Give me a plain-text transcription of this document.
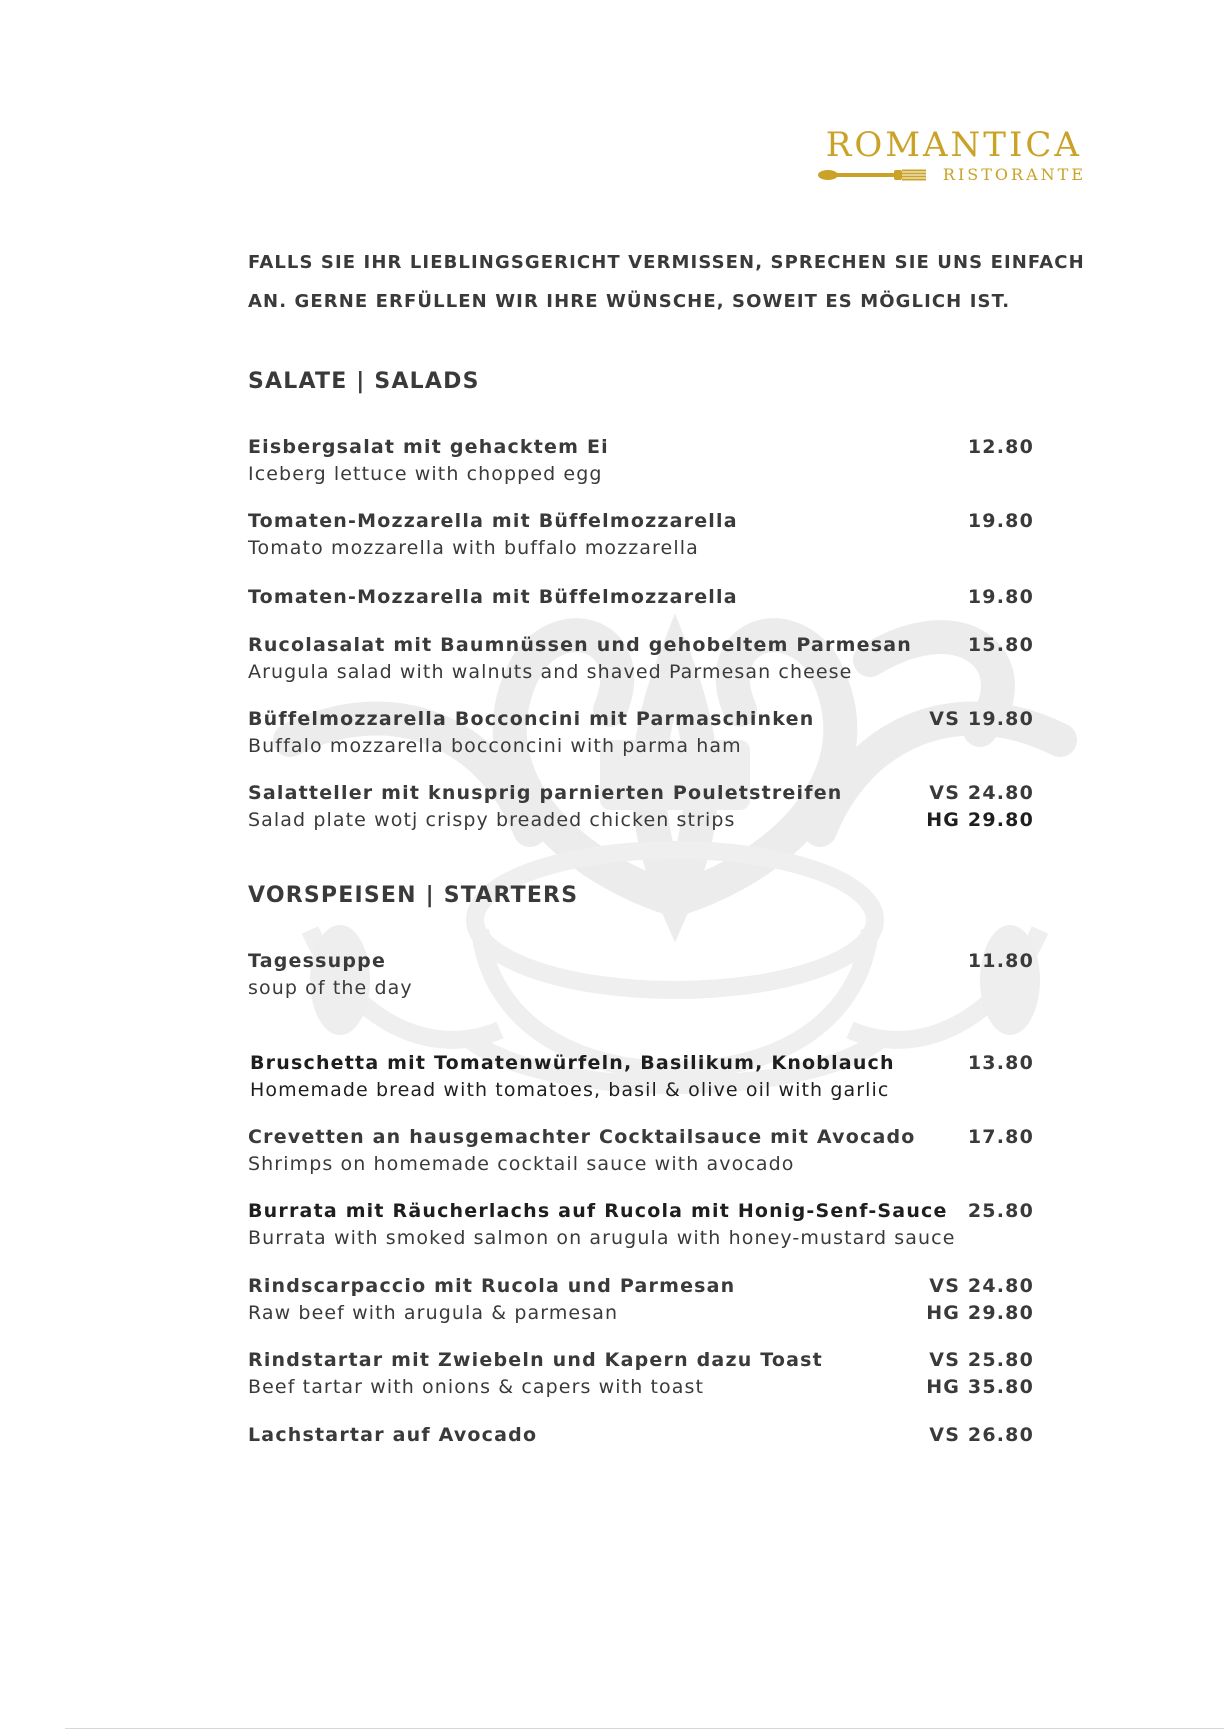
ROMANTICA
RISTORANTE
FALLS SIE IHR LIEBLINGSGERICHT VERMISSEN, SPRECHEN SIE UNS EINFACH
AN. GERNE ERFÜLLEN WIR IHRE WÜNSCHE, SOWEIT ES MÖGLICH IST.
SALATE | SALADS
Eisbergsalat mit gehacktem Ei
Iceberg lettuce with chopped egg
12.80
Tomaten-Mozzarella mit Büffelmozzarella
Tomato mozzarella with buffalo mozzarella
19.80
Tomaten-Mozzarella mit Büffelmozzarella	19.80
Rucolasalat mit Baumnüssen und gehobeltem Parmesan
Arugula salad with walnuts and shaved Parmesan cheese
15.80
Büffelmozzarella Bocconcini mit Parmaschinken
Buffalo mozzarella bocconcini with parma ham
VS 19.80
Salatteller mit knusprig parnierten Pouletstreifen
Salad plate wotj crispy breaded chicken strips
VS 24.80
HG 29.80
VORSPEISEN | STARTERS
Tagessuppe
soup of the day
11.80
Bruschetta mit Tomatenwürfeln, Basilikum, Knoblauch
Homemade bread with tomatoes, basil & olive oil with garlic
13.80
Crevetten an hausgemachter Cocktailsauce mit Avocado
Shrimps on homemade cocktail sauce with avocado
17.80
Burrata mit Räucherlachs auf Rucola mit Honig-Senf-Sauce
Burrata with smoked salmon on arugula with honey-mustard sauce
25.80
Rindscarpaccio mit Rucola und Parmesan
Raw beef with arugula & parmesan
VS 24.80
HG 29.80
Rindstartar mit Zwiebeln und Kapern dazu Toast
Beef tartar with onions & capers with toast
VS 25.80
HG 35.80
Lachstartar auf Avocado	VS 26.80
